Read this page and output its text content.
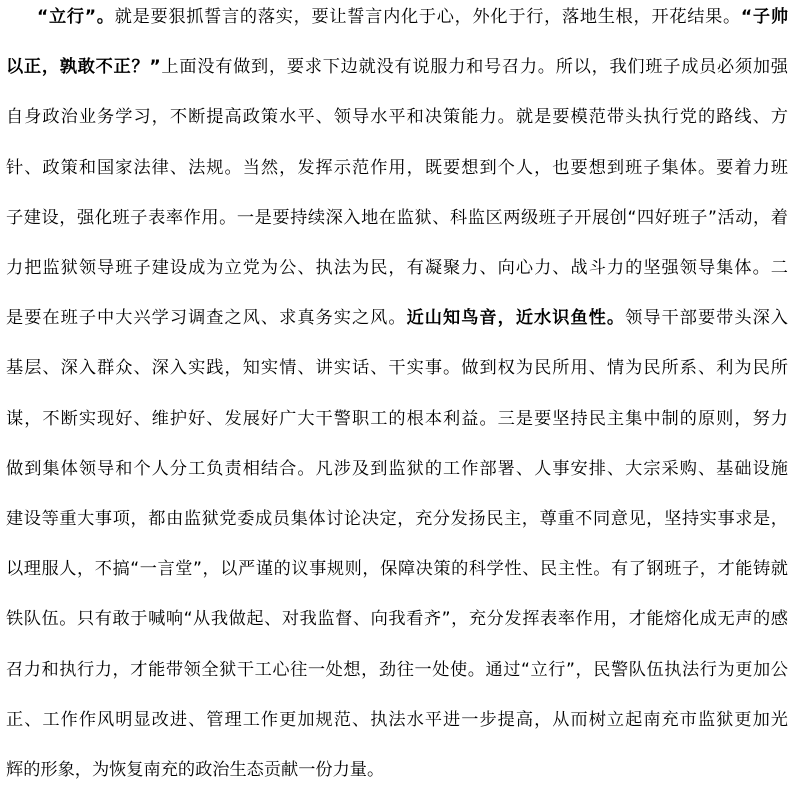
“立行”。就是要狠抓誓言的落实，要让誓言内化于心，外化于行，落地生根，开花结果。“子帅
以正，孰敢不正？”上面没有做到，要求下边就没有说服力和号召力。所以，我们班子成员必须加强
自身政治业务学习，不断提高政策水平、领导水平和决策能力。就是要模范带头执行党的路线、方
针、政策和国家法律、法规。当然，发挥示范作用，既要想到个人，也要想到班子集体。要着力班
子建设，强化班子表率作用。一是要持续深入地在监狱、科监区两级班子开展创“四好班子”活动，着
力把监狱领导班子建设成为立党为公、执法为民，有凝聚力、向心力、战斗力的坚强领导集体。二
是要在班子中大兴学习调查之风、求真务实之风。近山知鸟音，近水识鱼性。领导干部要带头深入
基层、深入群众、深入实践，知实情、讲实话、干实事。做到权为民所用、情为民所系、利为民所
谋，不断实现好、维护好、发展好广大干警职工的根本利益。三是要坚持民主集中制的原则，努力
做到集体领导和个人分工负责相结合。凡涉及到监狱的工作部署、人事安排、大宗采购、基础设施
建设等重大事项，都由监狱党委成员集体讨论决定，充分发扬民主，尊重不同意见，坚持实事求是，
以理服人，不搞“一言堂”，以严谨的议事规则，保障决策的科学性、民主性。有了钢班子，才能铸就
铁队伍。只有敢于喊响“从我做起、对我监督、向我看齐”，充分发挥表率作用，才能熔化成无声的感
召力和执行力，才能带领全狱干工心往一处想，劲往一处使。通过“立行”，民警队伍执法行为更加公
正、工作作风明显改进、管理工作更加规范、执法水平进一步提高，从而树立起南充市监狱更加光
辉的形象，为恢复南充的政治生态贡献一份力量。
